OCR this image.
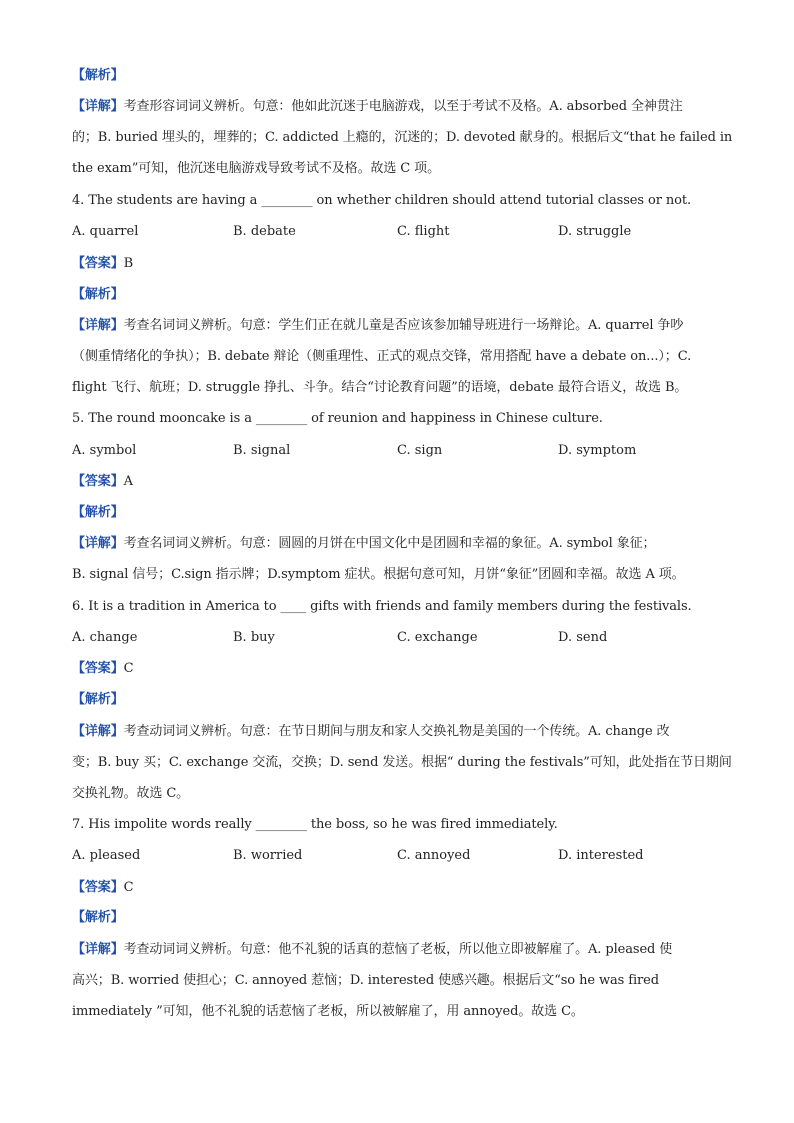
【解析】
【详解】考查形容词词义辨析。句意：他如此沉迷于电脑游戏，以至于考试不及格。A. absorbed 全神贯注
的；B. buried 埋头的，埋葬的；C. addicted 上瘾的，沉迷的；D. devoted 献身的。根据后文“that he failed in
the exam”可知，他沉迷电脑游戏导致考试不及格。故选 C 项。
4. The students are having a ________ on whether children should attend tutorial classes or not.
A. quarrel	B. debate	C. flight	D. struggle
【答案】B
【解析】
【详解】考查名词词义辨析。句意：学生们正在就儿童是否应该参加辅导班进行一场辩论。A. quarrel 争吵
（侧重情绪化的争执）；B. debate 辩论（侧重理性、正式的观点交锋，常用搭配 have a debate on...）；C.
flight 飞行、航班；D. struggle 挣扎、斗争。结合“讨论教育问题”的语境，debate 最符合语义，故选 B。
5. The round mooncake is a ________ of reunion and happiness in Chinese culture.
A. symbol	B. signal	C. sign	D. symptom
【答案】A
【解析】
【详解】考查名词词义辨析。句意：圆圆的月饼在中国文化中是团圆和幸福的象征。A. symbol 象征；
B. signal 信号；C.sign 指示牌；D.symptom 症状。根据句意可知，月饼“象征”团圆和幸福。故选 A 项。
6. It is a tradition in America to ____ gifts with friends and family members during the festivals.
A. change	B. buy	C. exchange	D. send
【答案】C
【解析】
【详解】考查动词词义辨析。句意：在节日期间与朋友和家人交换礼物是美国的一个传统。A. change 改
变；B. buy 买；C. exchange 交流，交换；D. send 发送。根据“ during the festivals”可知，此处指在节日期间
交换礼物。故选 C。
7. His impolite words really ________ the boss, so he was fired immediately.
A. pleased	B. worried	C. annoyed	D. interested
【答案】C
【解析】
【详解】考查动词词义辨析。句意：他不礼貌的话真的惹恼了老板，所以他立即被解雇了。A. pleased 使
高兴；B. worried 使担心；C. annoyed 惹恼；D. interested 使感兴趣。根据后文“so he was fired
immediately ”可知，他不礼貌的话惹恼了老板，所以被解雇了，用 annoyed。故选 C。
